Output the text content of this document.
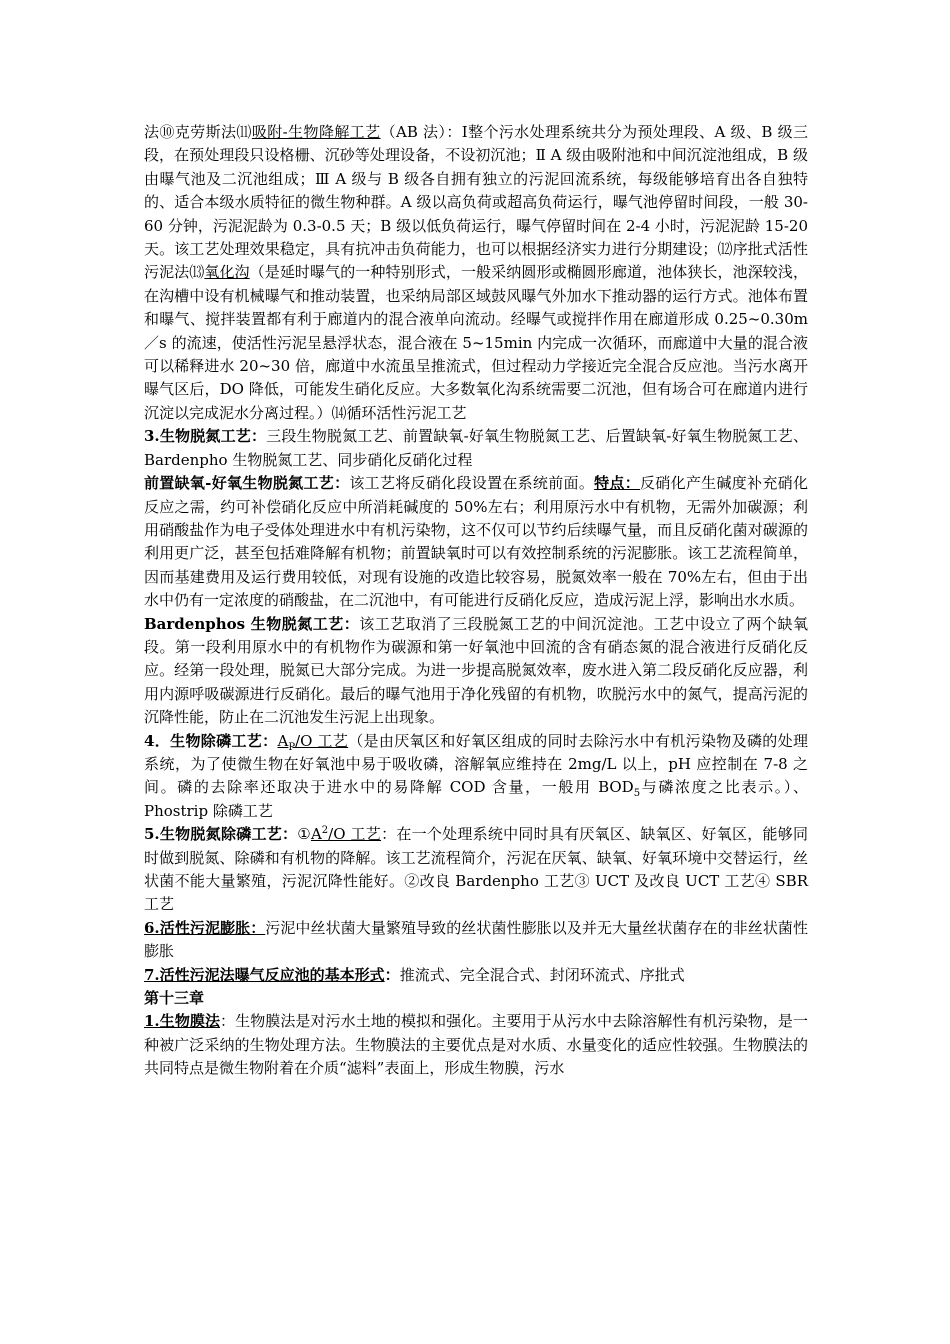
法⑩克劳斯法⑾吸附-生物降解工艺（AB 法）：Ⅰ整个污水处理系统共分为预处理段、A 级、B 级三段，在预处理段只设格栅、沉砂等处理设备，不设初沉池；Ⅱ A 级由吸附池和中间沉淀池组成，B 级由曝气池及二沉池组成；Ⅲ A 级与 B 级各自拥有独立的污泥回流系统，每级能够培育出各自独特的、适合本级水质特征的微生物种群。A 级以高负荷或超高负荷运行，曝气池停留时间段，一般 30-60 分钟，污泥泥龄为 0.3-0.5 天；B 级以低负荷运行，曝气停留时间在 2-4 小时，污泥泥龄 15-20 天。该工艺处理效果稳定，具有抗冲击负荷能力，也可以根据经济实力进行分期建设；⑿序批式活性污泥法⒀氧化沟（是延时曝气的一种特别形式，一般采纳圆形或椭圆形廊道，池体狭长，池深较浅，在沟槽中设有机械曝气和推动装置，也采纳局部区域鼓风曝气外加水下推动器的运行方式。池体布置和曝气、搅拌装置都有利于廊道内的混合液单向流动。经曝气或搅拌作用在廊道形成 0.25~0.30m／s 的流速，使活性污泥呈悬浮状态，混合液在 5~15min 内完成一次循环，而廊道中大量的混合液可以稀释进水 20~30 倍，廊道中水流虽呈推流式，但过程动力学接近完全混合反应池。当污水离开曝气区后，DO 降低，可能发生硝化反应。大多数氧化沟系统需要二沉池，但有场合可在廊道内进行沉淀以完成泥水分离过程。）⒁循环活性污泥工艺

3.生物脱氮工艺：三段生物脱氮工艺、前置缺氧-好氧生物脱氮工艺、后置缺氧-好氧生物脱氮工艺、Bardenpho 生物脱氮工艺、同步硝化反硝化过程

前置缺氧-好氧生物脱氮工艺：该工艺将反硝化段设置在系统前面。特点：反硝化产生碱度补充硝化反应之需，约可补偿硝化反应中所消耗碱度的 50%左右；利用原污水中有机物，无需外加碳源；利用硝酸盐作为电子受体处理进水中有机污染物，这不仅可以节约后续曝气量，而且反硝化菌对碳源的利用更广泛，甚至包括难降解有机物；前置缺氧时可以有效控制系统的污泥膨胀。该工艺流程简单，因而基建费用及运行费用较低，对现有设施的改造比较容易，脱氮效率一般在 70%左右，但由于出水中仍有一定浓度的硝酸盐，在二沉池中，有可能进行反硝化反应，造成污泥上浮，影响出水水质。

Bardenphos 生物脱氮工艺：该工艺取消了三段脱氮工艺的中间沉淀池。工艺中设立了两个缺氧段。第一段利用原水中的有机物作为碳源和第一好氧池中回流的含有硝态氮的混合液进行反硝化反应。经第一段处理，脱氮已大部分完成。为进一步提高脱氮效率，废水进入第二段反硝化反应器，利用内源呼吸碳源进行反硝化。最后的曝气池用于净化残留的有机物，吹脱污水中的氮气，提高污泥的沉降性能，防止在二沉池发生污泥上出现象。

4．生物除磷工艺：$A_P/O$ 工艺（是由厌氧区和好氧区组成的同时去除污水中有机污染物及磷的处理系统，为了使微生物在好氧池中易于吸收磷，溶解氧应维持在 2mg/L 以上，pH 应控制在 7-8 之间。磷的去除率还取决于进水中的易降解 COD 含量，一般用 $BOD_5$与磷浓度之比表示。）、Phostrip 除磷工艺

5.生物脱氮除磷工艺：$①A^2/O$ 工艺：在一个处理系统中同时具有厌氧区、缺氧区、好氧区，能够同时做到脱氮、除磷和有机物的降解。该工艺流程简介，污泥在厌氧、缺氧、好氧环境中交替运行，丝状菌不能大量繁殖，污泥沉降性能好。②改良 Bardenpho 工艺③ UCT 及改良 UCT 工艺④ SBR 工艺

6.活性污泥膨胀：污泥中丝状菌大量繁殖导致的丝状菌性膨胀以及并无大量丝状菌存在的非丝状菌性膨胀

7.活性污泥法曝气反应池的基本形式：推流式、完全混合式、封闭环流式、序批式

第十三章

1.生物膜法：生物膜法是对污水土地的模拟和强化。主要用于从污水中去除溶解性有机污染物，是一种被广泛采纳的生物处理方法。生物膜法的主要优点是对水质、水量变化的适应性较强。生物膜法的共同特点是微生物附着在介质“滤料”表面上，形成生物膜，污水
